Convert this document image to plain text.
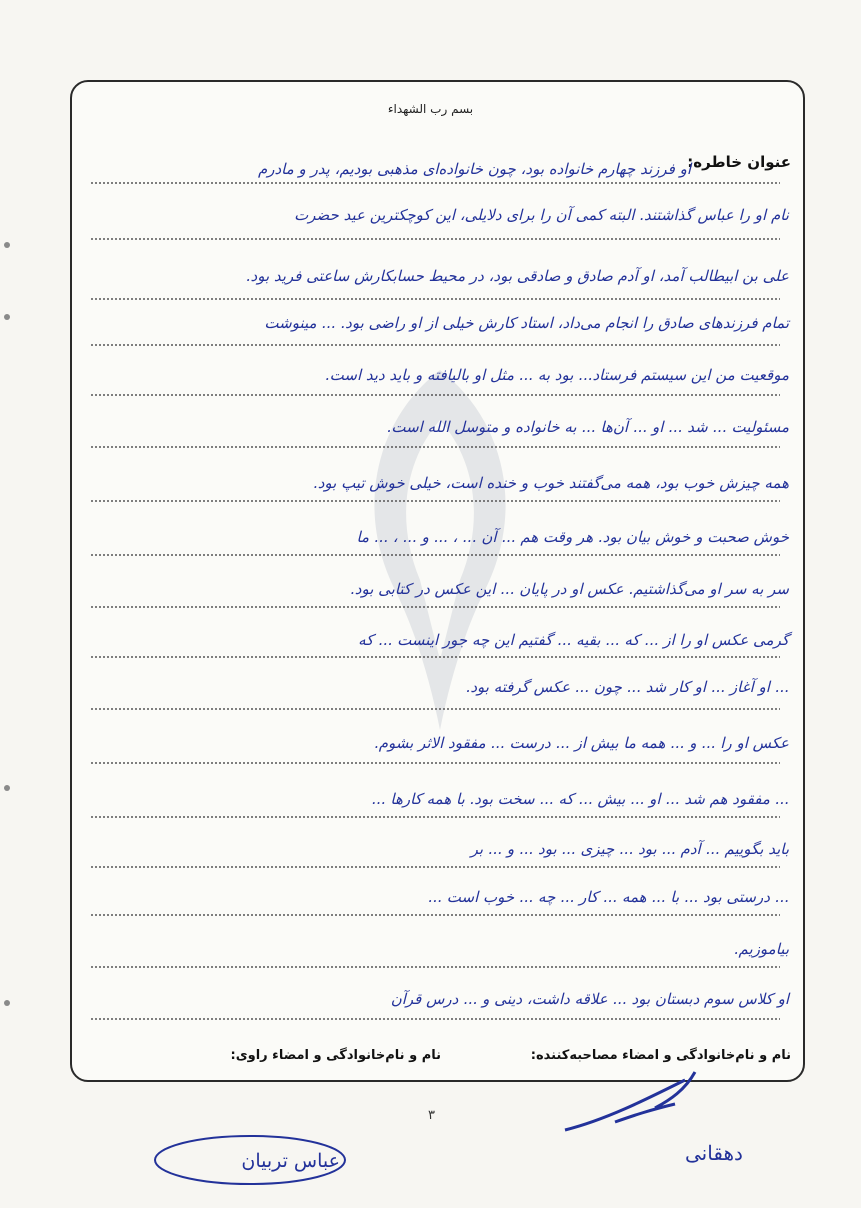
بسم رب الشهداء
عنوان خاطره:
او فرزند چهارم خانواده بود، چون خانواده‌ای مذهبی بودیم، پدر و مادرم
نام او را عباس گذاشتند. البته کمی آن را برای دلایلی، این کوچکترین عید حضرت
علی بن ابیطالب آمد، او آدم صادق و صادقی بود، در محیط حسابکارش ساعتی فرید بود.
تمام فرزندهای صادق را انجام می‌داد، استاد کارش خیلی از او راضی بود. ... مینوشت
موقعیت من این سیستم فرستاد... بود به ... مثل او بالیافته و باید دید است.
مسئولیت ... شد ... او ... آن‌ها ... به خانواده و متوسل الله است.
همه چیزش خوب بود، همه می‌گفتند خوب و خنده است، خیلی خوش تیپ بود.
خوش صحبت و خوش بیان بود. هر وقت هم ... آن ... ، ... و ... ، ... ما
سر به سر او می‌گذاشتیم. عکس او در پایان ... این عکس در کتابی بود.
گرمی عکس او را از ... که ... بقیه ... گفتیم این چه جور اینست ... که
... او آغاز ... او کار شد ... چون ... عکس گرفته بود.
عکس او را ... و ... همه ما بیش از ... درست ... مفقود الاثر بشوم.
... مفقود هم شد ... او ... بیش ... که ... سخت بود. با همه کارها ...
باید بگوییم ... آدم ... بود ... چیزی ... بود ... و ... بر
... درستی بود ... با ... همه ... کار ... چه ... خوب است ...
بیاموزیم.
او کلاس سوم دبستان بود ... علاقه داشت، دینی و ... درس قرآن
نام و نام‌خانوادگی و امضاء مصاحبه‌کننده:
نام و نام‌خانوادگی و امضاء راوی:
دهقانی
عباس تربیان
۳
